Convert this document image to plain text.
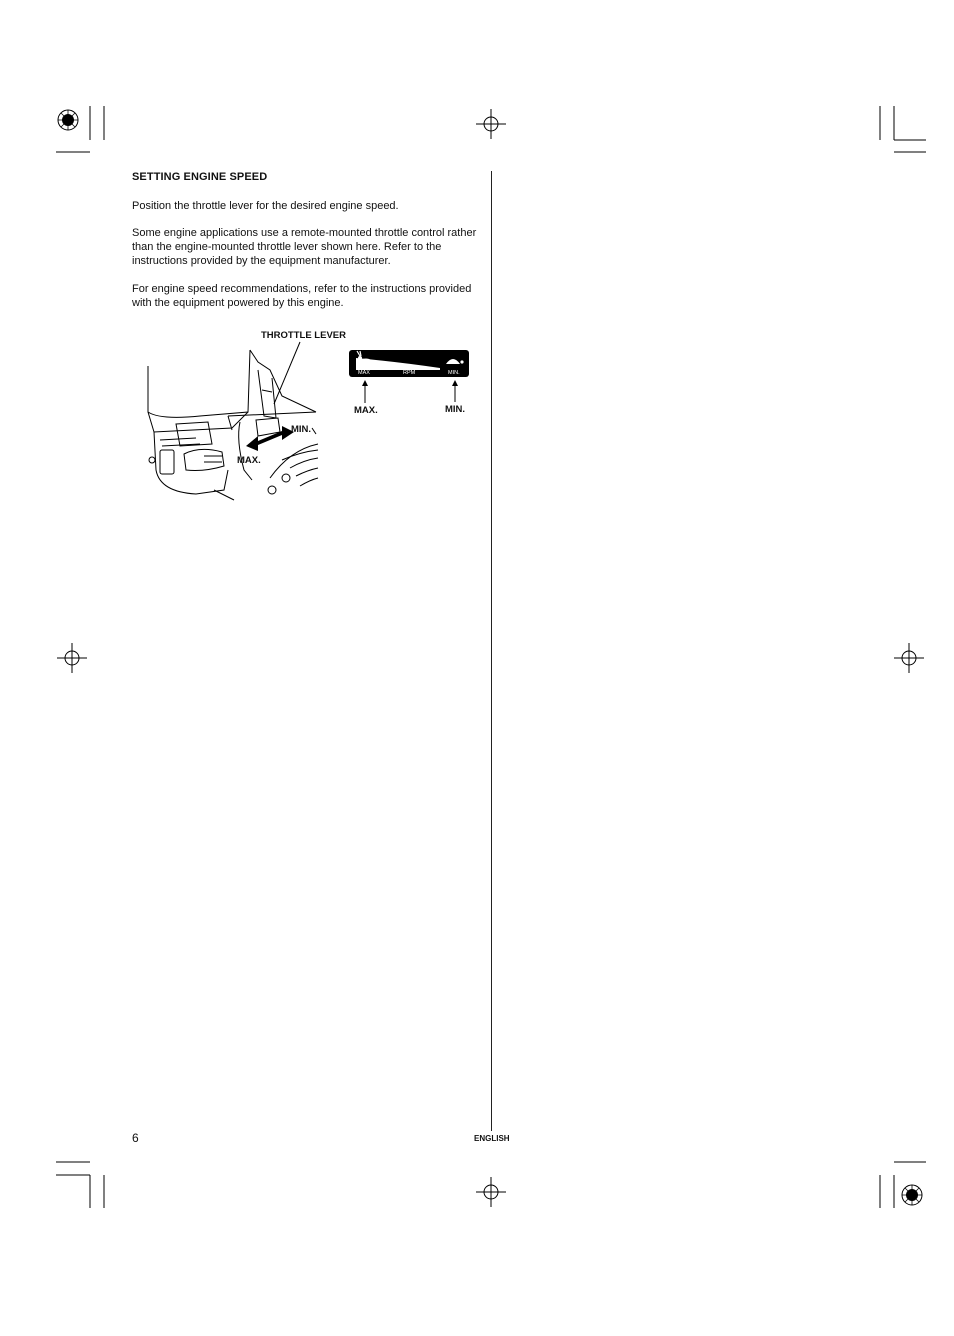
SETTING ENGINE SPEED
Position the throttle lever for the desired engine speed.
Some engine applications use a remote-mounted throttle control rather than the engine-mounted throttle lever shown here. Refer to the instructions provided by the equipment manufacturer.
For engine speed recommendations, refer to the instructions provided with the equipment powered by this engine.
THROTTLE LEVER
MIN.
MAX.
MAX	RPM	MIN.
MAX.	MIN.
6	ENGLISH
